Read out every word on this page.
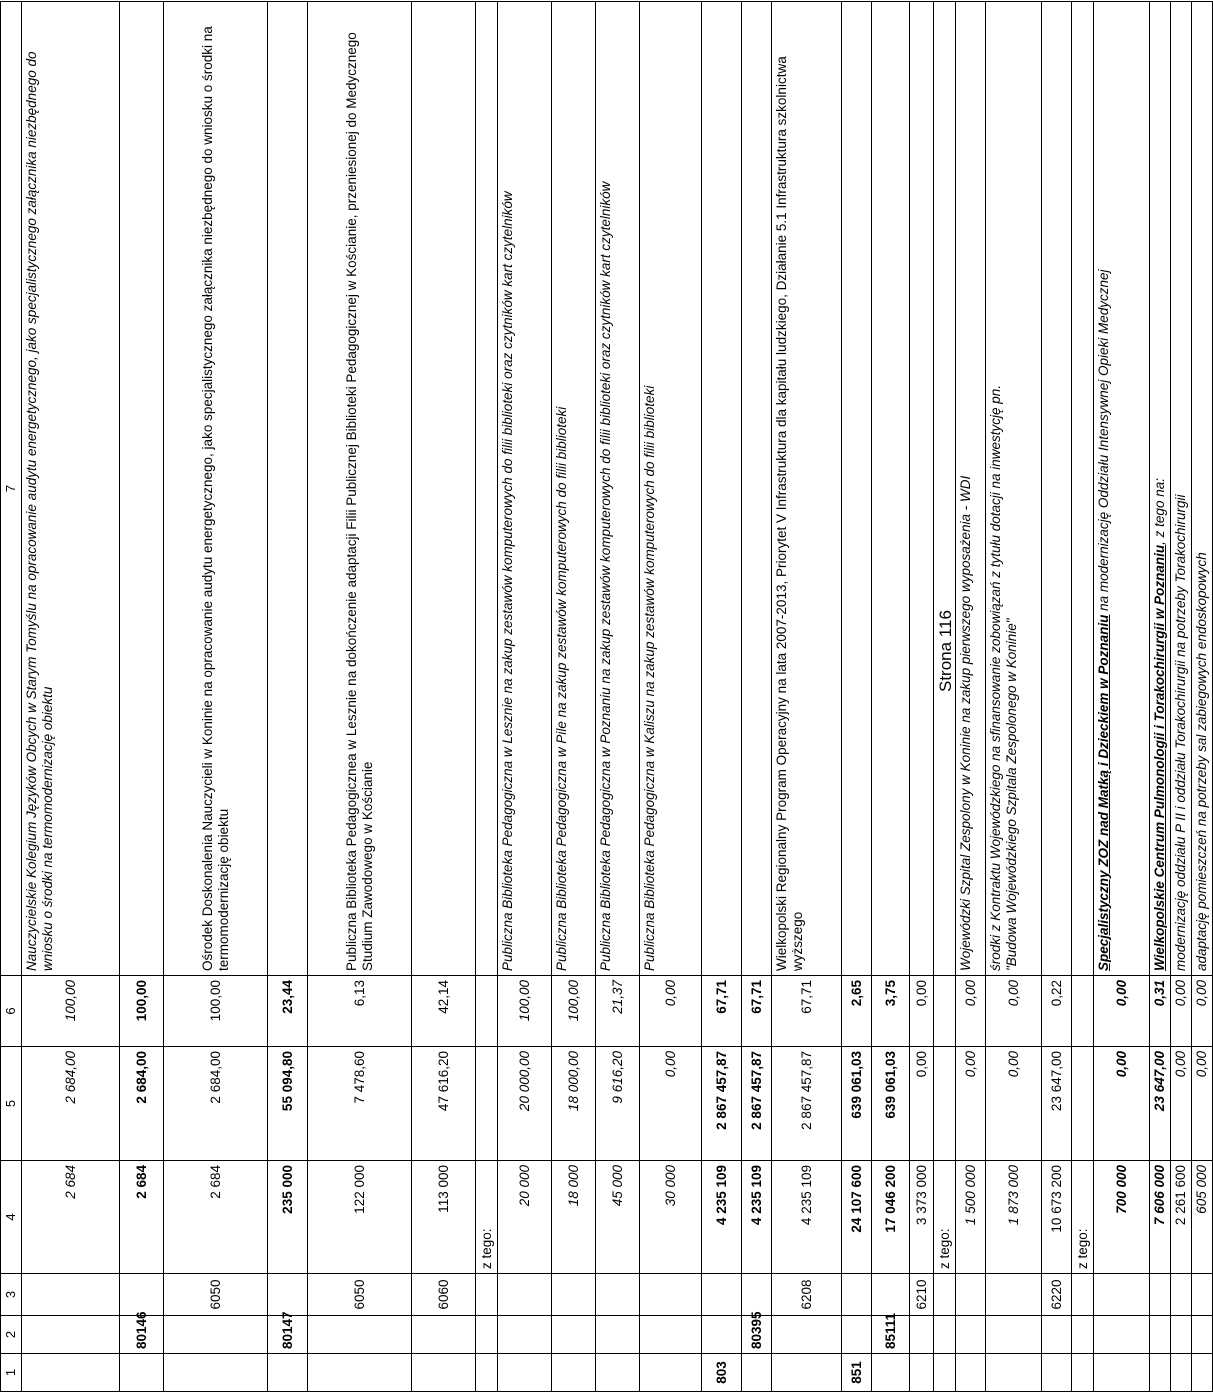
1	2	3	4	5	6	7
			2 684	2 684,00	100,00	Nauczycielskie Kolegium Języków Obcych w Starym Tomyślu na opracowanie audytu energetycznego, jako specjalistycznego załącznika niezbędnego do wniosku o środki na termomodernizację obiektu
	80146		2 684	2 684,00	100,00	
		6050	2 684	2 684,00	100,00	Ośrodek Doskonalenia Nauczycieli w Koninie na opracowanie audytu energetycznego, jako specjalistycznego załącznika niezbędnego do wniosku o środki na termomodernizację obiektu
	80147		235 000	55 094,80	23,44	
		6050	122 000	7 478,60	6,13	Publiczna Biblioteka Pedagogicznea w Lesznie na dokończenie adaptacji Filii Publicznej Biblioteki Pedagogicznej w Kościanie, przeniesionej do Medycznego Studium Zawodowego w Kościanie
		6060	113 000	47 616,20	42,14	
			z tego:			
			20 000	20 000,00	100,00	Publiczna Biblioteka Pedagogiczna w Lesznie na zakup zestawów komputerowych do filii biblioteki oraz czytników kart czytelników
			18 000	18 000,00	100,00	Publiczna Biblioteka Pedagogiczna w Pile na zakup zestawów komputerowych do filii biblioteki
			45 000	9 616,20	21,37	Publiczna Biblioteka Pedagogiczna w Poznaniu na zakup zestawów komputerowych do filii biblioteki oraz czytników kart czytelników
			30 000	0,00	0,00	Publiczna Biblioteka Pedagogiczna w Kaliszu na zakup zestawów komputerowych do filii biblioteki
803			4 235 109	2 867 457,87	67,71	
	80395		4 235 109	2 867 457,87	67,71	
		6208	4 235 109	2 867 457,87	67,71	Wielkopolski Regionalny Program Operacyjny na lata 2007-2013, Priorytet V Infrastruktura dla kapitału ludzkiego, Działanie 5.1 Infrastruktura szkolnictwa wyższego
851			24 107 600	639 061,03	2,65	
	85111		17 046 200	639 061,03	3,75	
		6210	3 373 000	0,00	0,00	
			z tego:			
			1 500 000	0,00	0,00	Wojewódzki Szpital Zespolony w Koninie na zakup pierwszego wyposażenia - WDI
			1 873 000	0,00	0,00	środki z Kontraktu Wojewódzkiego na sfinansowanie zobowiązań z tytułu dotacji na inwestycję pn.
"Budowa Wojewódzkiego Szpitala Zespolonego w Koninie"
		6220	10 673 200	23 647,00	0,22	
			z tego:			
			700 000	0,00	0,00	Specjalistyczny ZOZ nad Matką i Dzieckiem w Poznaniu na modernizację Oddziału Intensywnej Opieki Medycznej
			7 606 000	23 647,00	0,31	Wielkopolskie Centrum Pulmonologii i Torakochirurgii w Poznaniu, z tego na:
			2 261 600	0,00	0,00	modernizację oddziału P II i oddziału Torakochirurgii na potrzeby Torakochirurgii
			605 000	0,00	0,00	adaptację pomieszczeń na potrzeby sal zabiegowych endoskopowych
Strona 116
